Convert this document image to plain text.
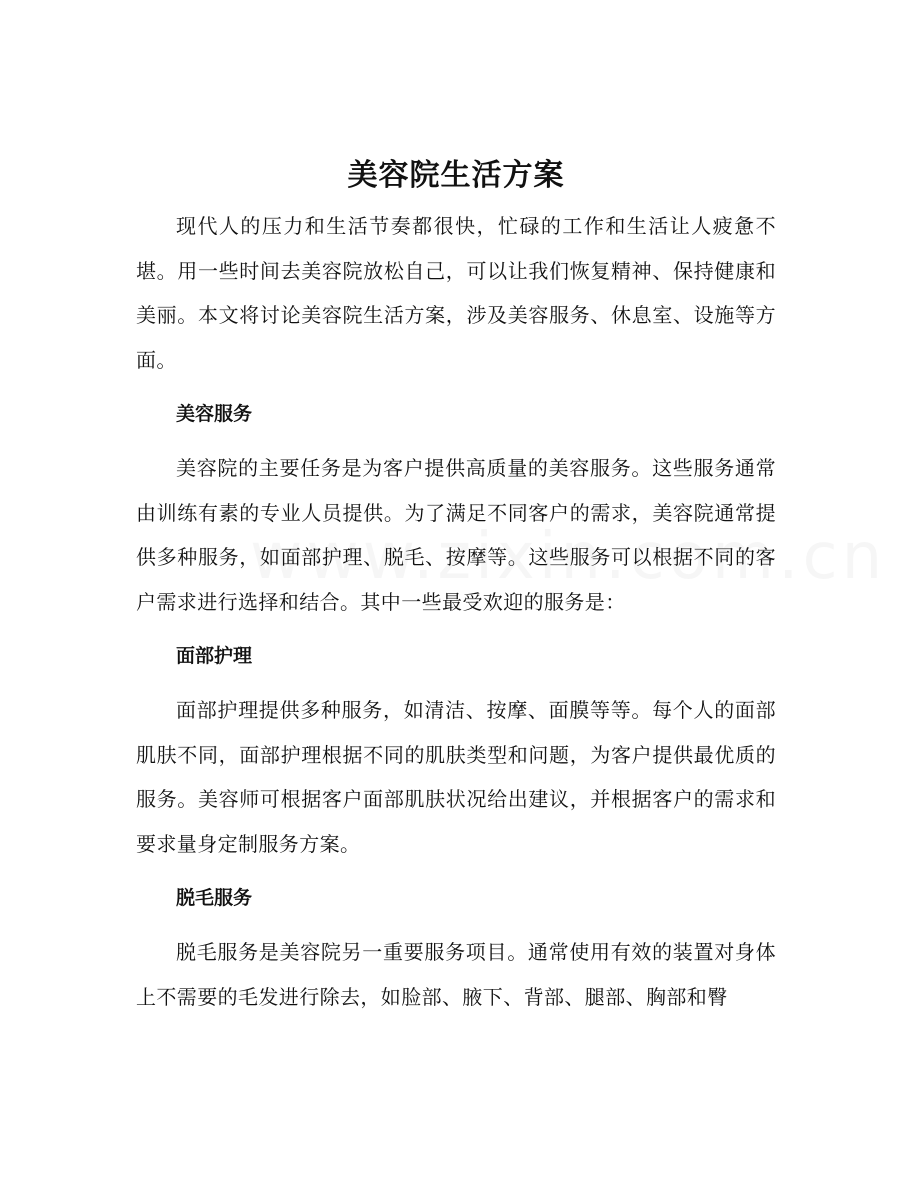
美容院生活方案

现代人的压力和生活节奏都很快，忙碌的工作和生活让人疲惫不堪。用一些时间去美容院放松自己，可以让我们恢复精神、保持健康和美丽。本文将讨论美容院生活方案，涉及美容服务、休息室、设施等方面。

美容服务

美容院的主要任务是为客户提供高质量的美容服务。这些服务通常由训练有素的专业人员提供。为了满足不同客户的需求，美容院通常提供多种服务，如面部护理、脱毛、按摩等。这些服务可以根据不同的客户需求进行选择和结合。其中一些最受欢迎的服务是：

面部护理

面部护理提供多种服务，如清洁、按摩、面膜等等。每个人的面部肌肤不同，面部护理根据不同的肌肤类型和问题，为客户提供最优质的服务。美容师可根据客户面部肌肤状况给出建议，并根据客户的需求和要求量身定制服务方案。

脱毛服务

脱毛服务是美容院另一重要服务项目。通常使用有效的装置对身体上不需要的毛发进行除去，如脸部、腋下、背部、腿部、胸部和臀
